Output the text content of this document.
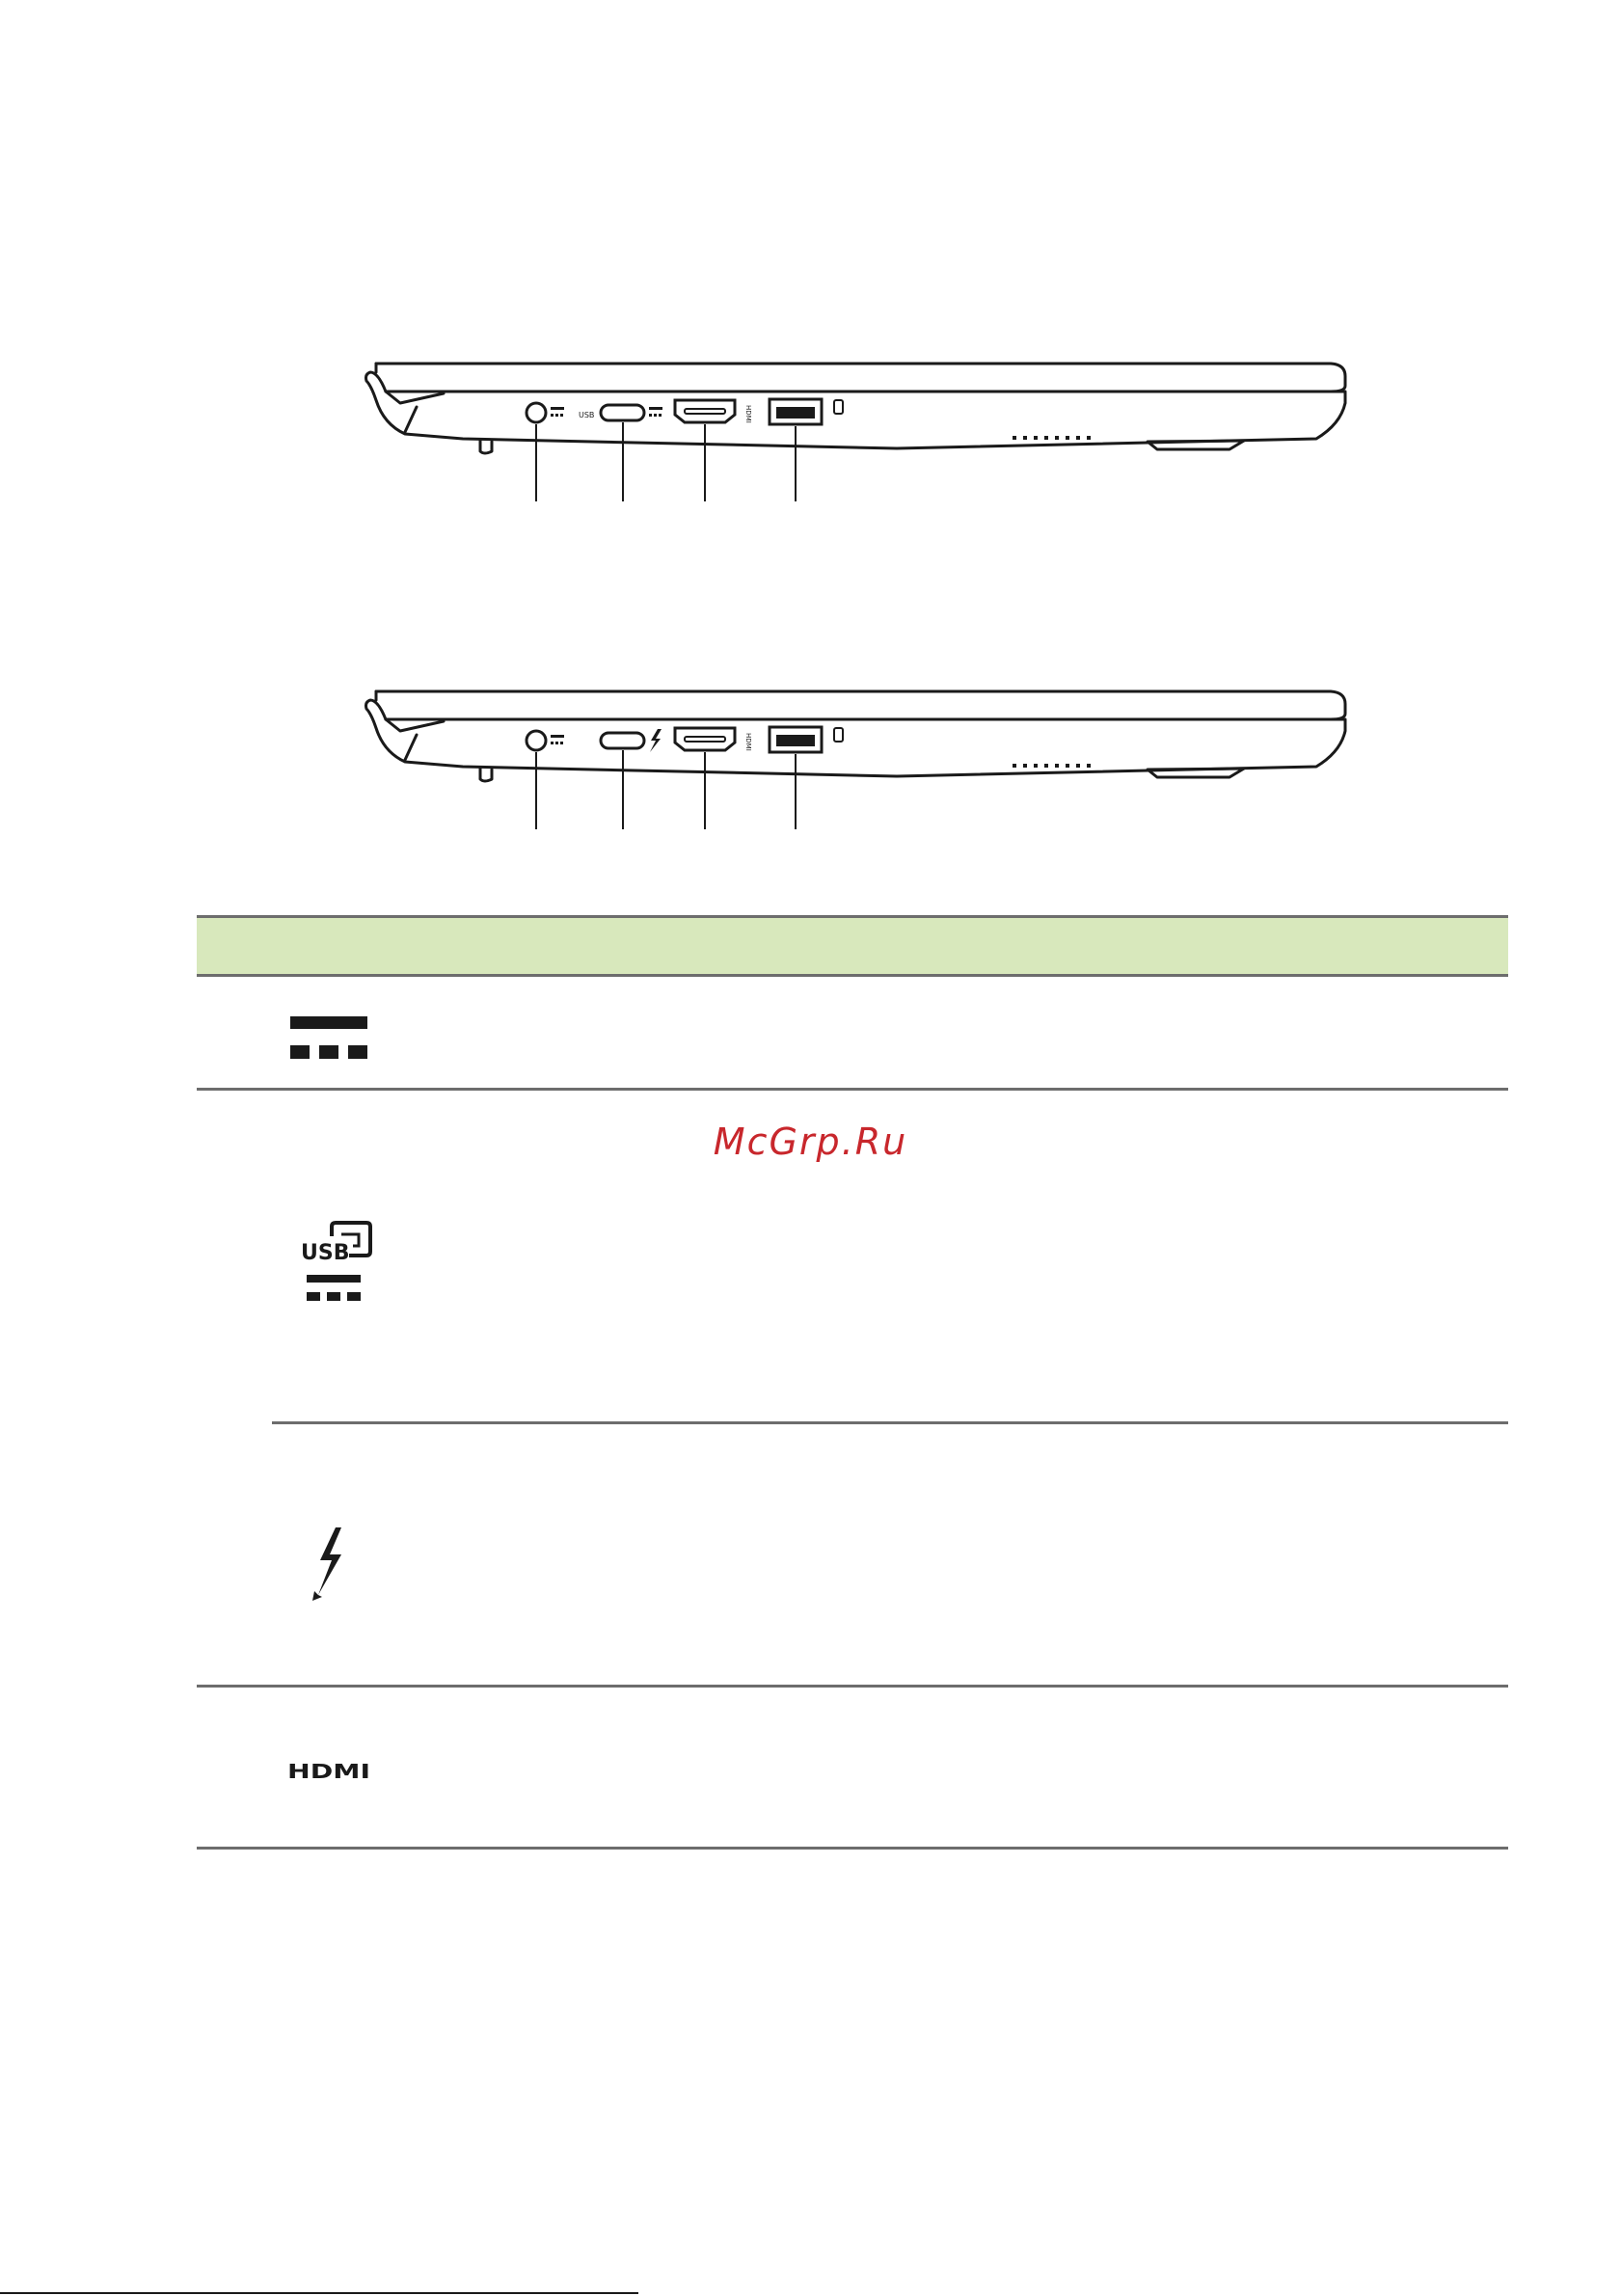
USB	HDMI
HDMI
McGrp.Ru
USB
HDMI
